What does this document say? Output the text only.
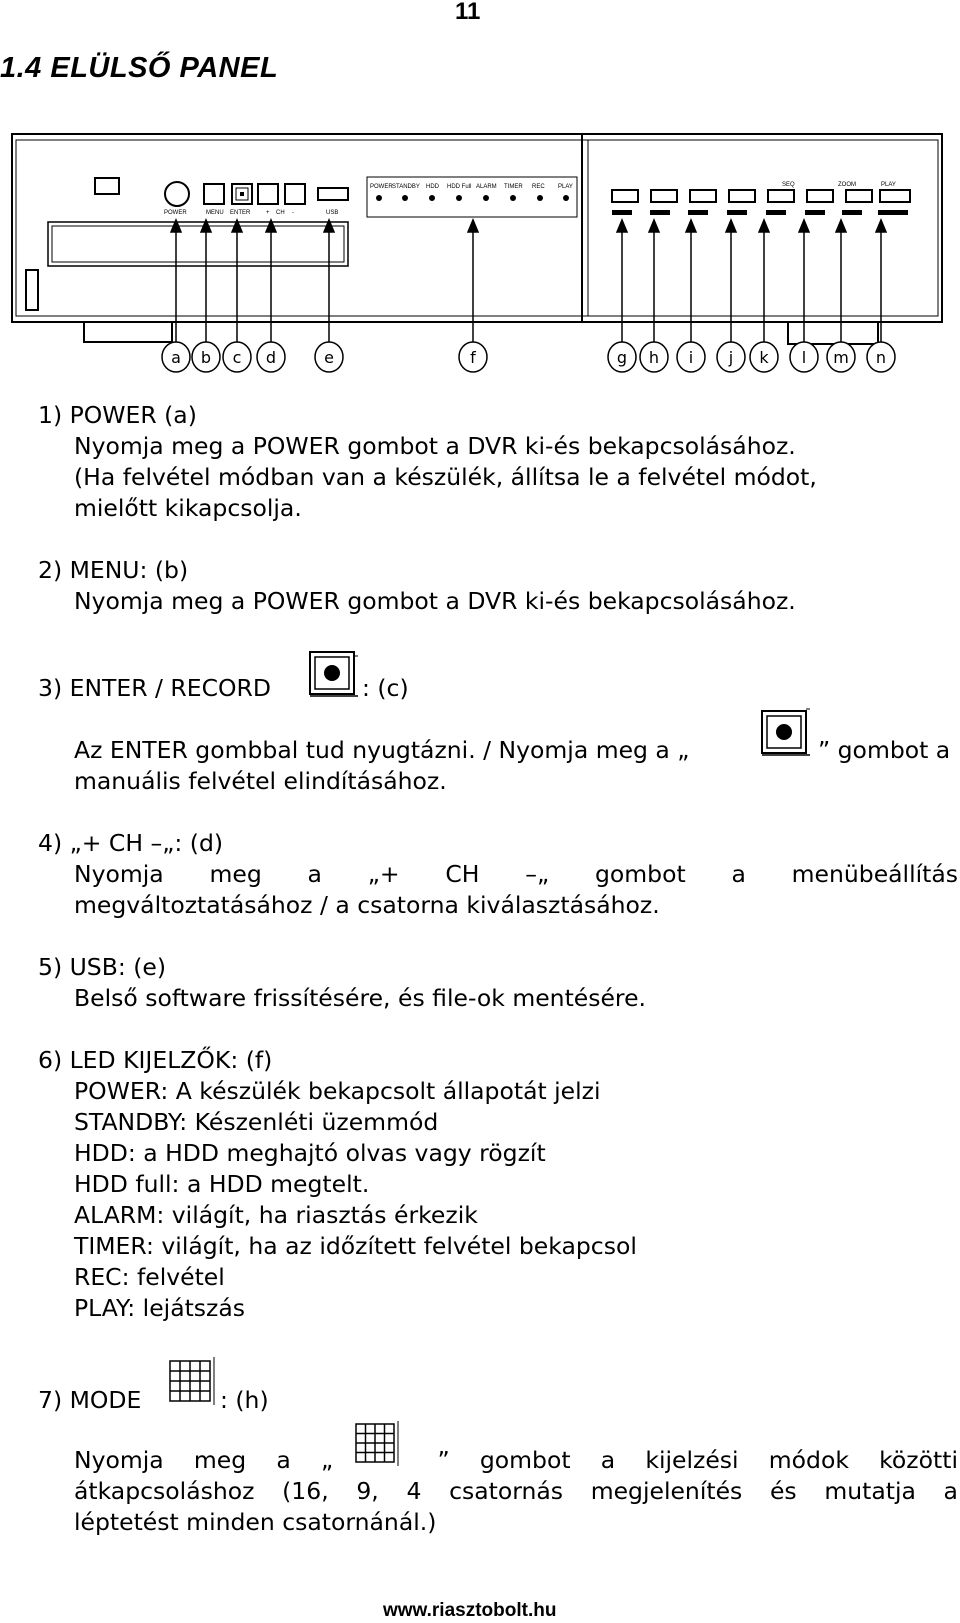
11
1.4 ELÜLSŐ PANEL
POWER	MENU ENTER	+ CH -	USB
POWER STANDBY HDD HDD Full ALARM TIMER REC PLAY	SEQ	ZOOM	PLAY
a b c d	e	f	g h i j k l m n
1) POWER (a)
Nyomja meg a POWER gombot a DVR ki-és bekapcsolásához.
(Ha felvétel módban van a készülék, állítsa le a felvétel módot,
mielőtt kikapcsolja.
2) MENU: (b)
Nyomja meg a POWER gombot a DVR ki-és bekapcsolásához.
3) ENTER / RECORD	: (c)
Az ENTER gombbal tud nyugtázni. / Nyomja meg a „	” gombot a
manuális felvétel elindításához.
4) „+ CH –„: (d)
Nyomja meg a „+ CH –„ gombot a menübeállítás
megváltoztatásához / a csatorna kiválasztásához.
5) USB: (e)
Belső software frissítésére, és file-ok mentésére.
6) LED KIJELZŐK: (f)
POWER: A készülék bekapcsolt állapotát jelzi
STANDBY: Készenléti üzemmód
HDD: a HDD meghajtó olvas vagy rögzít
HDD full: a HDD megtelt.
ALARM: világít, ha riasztás érkezik
TIMER: világít, ha az időzített felvétel bekapcsol
REC: felvétel
PLAY: lejátszás
7) MODE	: (h)
Nyomja meg a „	” gombot a kijelzési módok közötti
átkapcsoláshoz (16, 9, 4 csatornás megjelenítés és mutatja a
léptetést minden csatornánál.)
www.riasztobolt.hu
